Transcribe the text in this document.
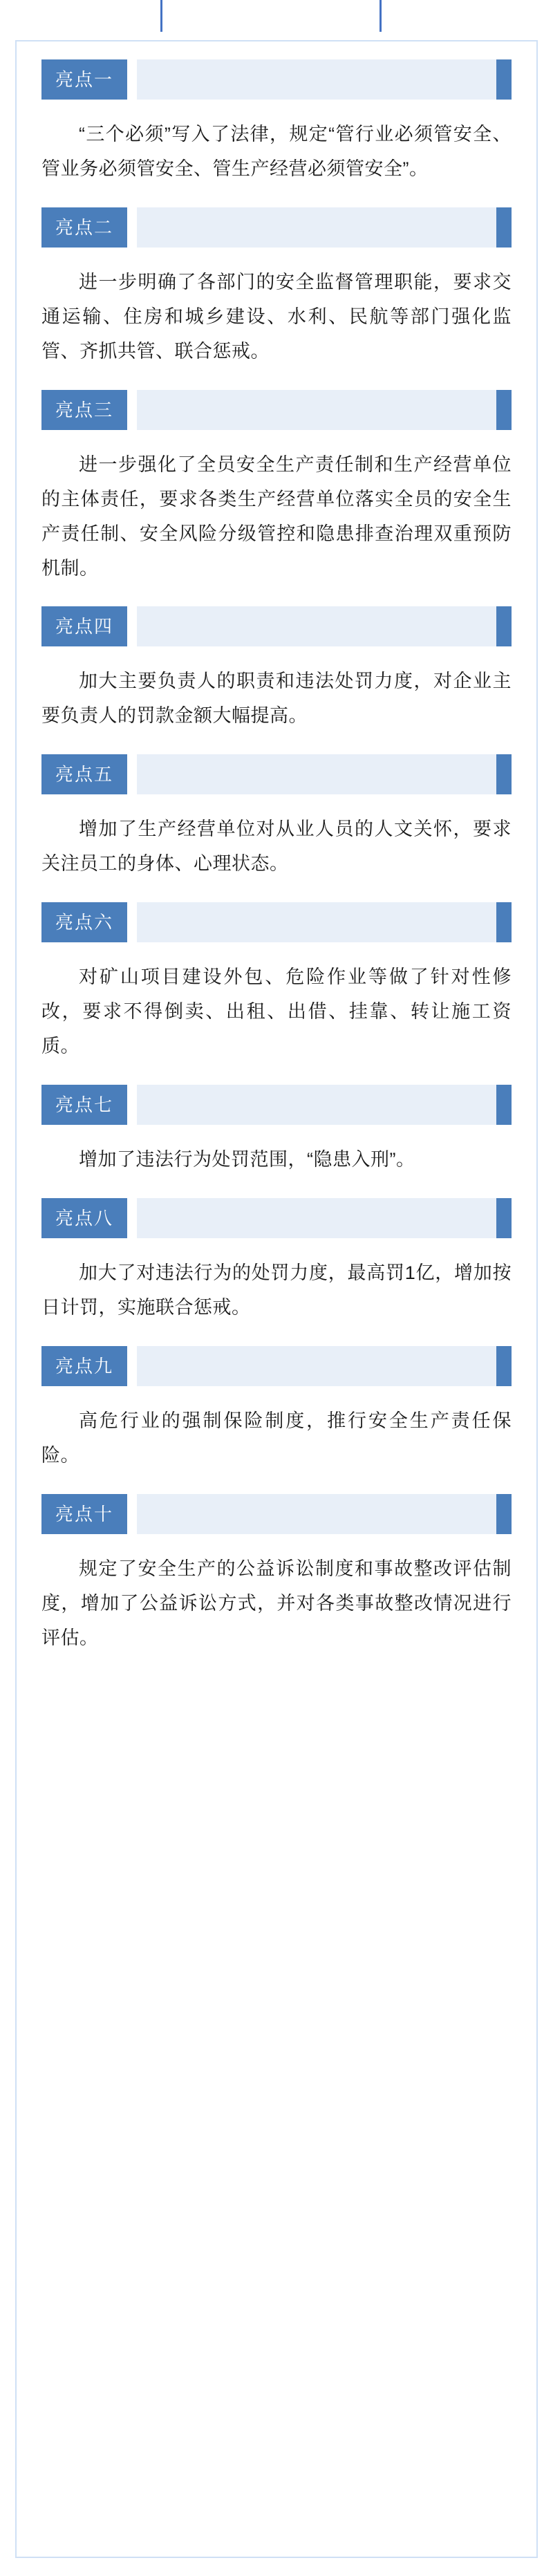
亮点一

“三个必须”写入了法律，规定“管行业必须管安全、管业务必须管安全、管生产经营必须管安全”。

亮点二

进一步明确了各部门的安全监督管理职能，要求交通运输、住房和城乡建设、水利、民航等部门强化监管、齐抓共管、联合惩戒。

亮点三

进一步强化了全员安全生产责任制和生产经营单位的主体责任，要求各类生产经营单位落实全员的安全生产责任制、安全风险分级管控和隐患排查治理双重预防机制。

亮点四

加大主要负责人的职责和违法处罚力度，对企业主要负责人的罚款金额大幅提高。

亮点五

增加了生产经营单位对从业人员的人文关怀，要求关注员工的身体、心理状态。

亮点六

对矿山项目建设外包、危险作业等做了针对性修改，要求不得倒卖、出租、出借、挂靠、转让施工资质。

亮点七

增加了违法行为处罚范围，“隐患入刑”。

亮点八

加大了对违法行为的处罚力度，最高罚1亿，增加按日计罚，实施联合惩戒。

亮点九

高危行业的强制保险制度，推行安全生产责任保险。

亮点十

规定了安全生产的公益诉讼制度和事故整改评估制度，增加了公益诉讼方式，并对各类事故整改情况进行评估。
